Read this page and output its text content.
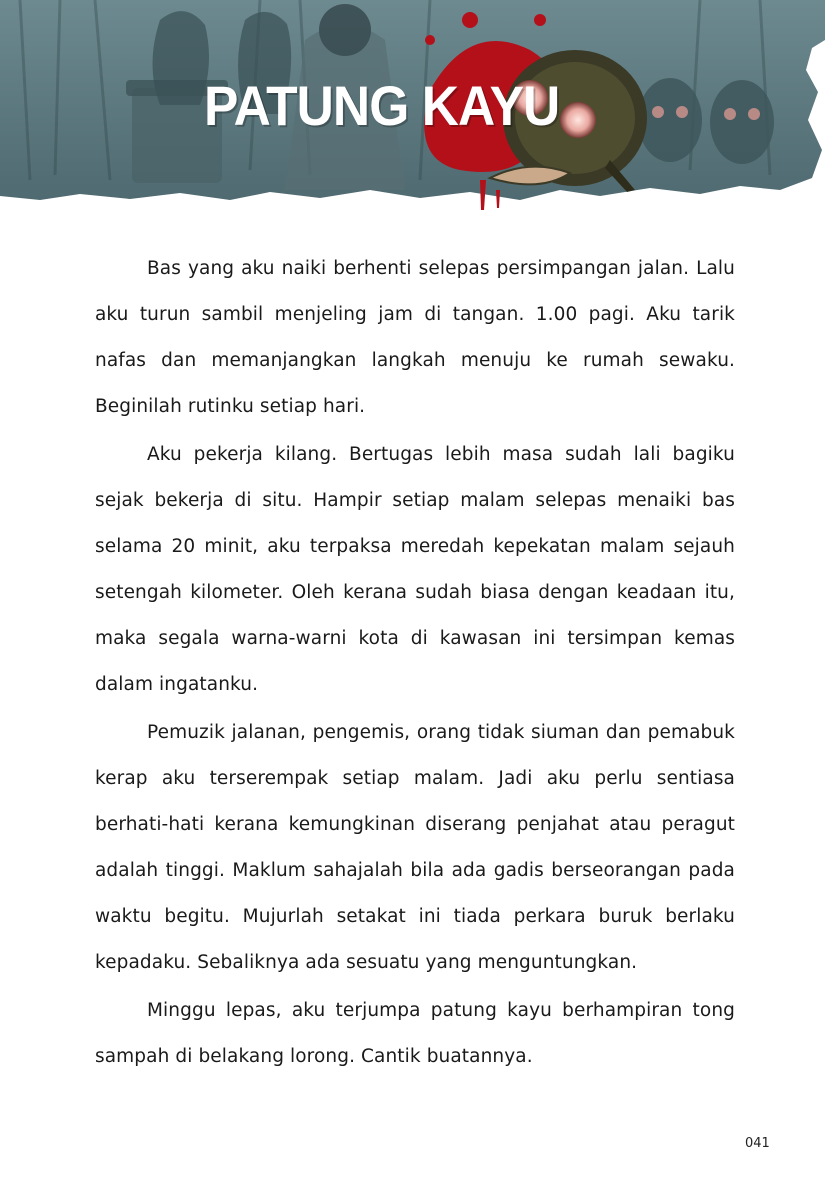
PATUNG KAYU

Bas yang aku naiki berhenti selepas persimpangan jalan. Lalu aku turun sambil menjeling jam di tangan. 1.00 pagi. Aku tarik nafas dan memanjangkan langkah menuju ke rumah sewaku. Beginilah rutinku setiap hari.

Aku pekerja kilang. Bertugas lebih masa sudah lali bagiku sejak bekerja di situ. Hampir setiap malam selepas menaiki bas selama 20 minit, aku terpaksa meredah kepekatan malam sejauh setengah kilometer. Oleh kerana sudah biasa dengan keadaan itu, maka segala warna-warni kota di kawasan ini tersimpan kemas dalam ingatanku.

Pemuzik jalanan, pengemis, orang tidak siuman dan pemabuk kerap aku terserempak setiap malam. Jadi aku perlu sentiasa berhati-hati kerana kemungkinan diserang penjahat atau peragut adalah tinggi. Maklum sahajalah bila ada gadis berseorangan pada waktu begitu. Mujurlah setakat ini tiada perkara buruk berlaku kepadaku. Sebaliknya ada sesuatu yang menguntungkan.

Minggu lepas, aku terjumpa patung kayu berhampiran tong sampah di belakang lorong. Cantik buatannya.

041
